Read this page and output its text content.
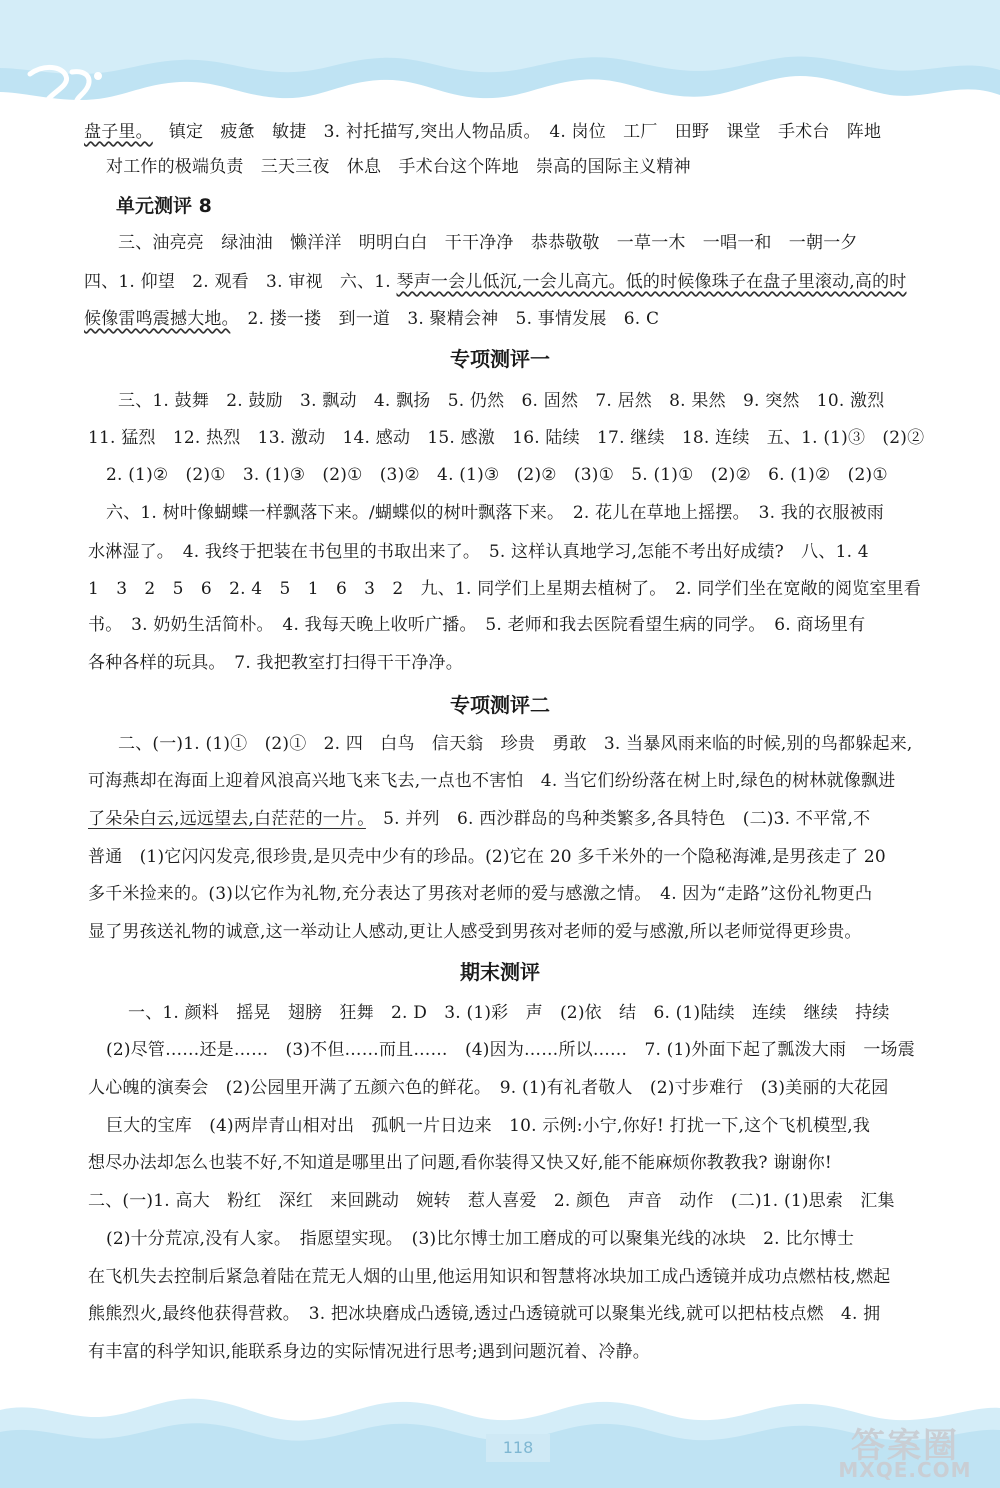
盘子里。 镇定　疲惫　敏捷　3. 衬托描写,突出人物品质。　4. 岗位　工厂　田野　课堂　手术台　阵地
对工作的极端负责　三天三夜　休息　手术台这个阵地　崇高的国际主义精神
单元测评 8
三、油亮亮　绿油油　懒洋洋　明明白白　干干净净　恭恭敬敬　一草一木　一唱一和　一朝一夕
四、1. 仰望　2. 观看　3. 审视　六、1. 琴声一会儿低沉,一会儿高亢。低的时候像珠子在盘子里滚动,高的时
候像雷鸣震撼大地。　2. 搂一搂　到一道　3. 聚精会神　5. 事情发展　6. C
专项测评一
三、1. 鼓舞　2. 鼓励　3. 飘动　4. 飘扬　5. 仍然　6. 固然　7. 居然　8. 果然　9. 突然　10. 激烈
11. 猛烈　12. 热烈　13. 激动　14. 感动　15. 感激　16. 陆续　17. 继续　18. 连续　五、1. (1)③　(2)②
2. (1)②　(2)①　3. (1)③　(2)①　(3)②　4. (1)③　(2)②　(3)①　5. (1)①　(2)②　6. (1)②　(2)①
六、1. 树叶像蝴蝶一样飘落下来。/蝴蝶似的树叶飘落下来。　2. 花儿在草地上摇摆。　3. 我的衣服被雨
水淋湿了。　4. 我终于把装在书包里的书取出来了。　5. 这样认真地学习,怎能不考出好成绩?　八、1. 4
1　3　2　5　6　2. 4　5　1　6　3　2　九、1. 同学们上星期去植树了。　2. 同学们坐在宽敞的阅览室里看
书。　3. 奶奶生活简朴。　4. 我每天晚上收听广播。　5. 老师和我去医院看望生病的同学。　6. 商场里有
各种各样的玩具。　7. 我把教室打扫得干干净净。
专项测评二
二、(一)1. (1)①　(2)①　2. 四　白鸟　信天翁　珍贵　勇敢　3. 当暴风雨来临的时候,别的鸟都躲起来,
可海燕却在海面上迎着风浪高兴地飞来飞去,一点也不害怕　4. 当它们纷纷落在树上时,绿色的树林就像飘进
了朵朵白云,远远望去,白茫茫的一片。　5. 并列　6. 西沙群岛的鸟种类繁多,各具特色　(二)3. 不平常,不
普通　(1)它闪闪发亮,很珍贵,是贝壳中少有的珍品。(2)它在 20 多千米外的一个隐秘海滩,是男孩走了 20
多千米捡来的。(3)以它作为礼物,充分表达了男孩对老师的爱与感激之情。　4. 因为“走路”这份礼物更凸
显了男孩送礼物的诚意,这一举动让人感动,更让人感受到男孩对老师的爱与感激,所以老师觉得更珍贵。
期末测评
一、1. 颜料　摇晃　翅膀　狂舞　2. D　3. (1)彩　声　(2)依　结　6. (1)陆续　连续　继续　持续
(2)尽管……还是……　(3)不但……而且……　(4)因为……所以……　7. (1)外面下起了瓢泼大雨　一场震
人心魄的演奏会　(2)公园里开满了五颜六色的鲜花。　9. (1)有礼者敬人　(2)寸步难行　(3)美丽的大花园
巨大的宝库　(4)两岸青山相对出　孤帆一片日边来　10. 示例:小宁,你好! 打扰一下,这个飞机模型,我
想尽办法却怎么也装不好,不知道是哪里出了问题,看你装得又快又好,能不能麻烦你教教我? 谢谢你!
二、(一)1. 高大　粉红　深红　来回跳动　婉转　惹人喜爱　2. 颜色　声音　动作　(二)1. (1)思索　汇集
(2)十分荒凉,没有人家。　指愿望实现。　(3)比尔博士加工磨成的可以聚集光线的冰块　2. 比尔博士
在飞机失去控制后紧急着陆在荒无人烟的山里,他运用知识和智慧将冰块加工成凸透镜并成功点燃枯枝,燃起
熊熊烈火,最终他获得营救。　3. 把冰块磨成凸透镜,透过凸透镜就可以聚集光线,就可以把枯枝点燃　4. 拥
有丰富的科学知识,能联系身边的实际情况进行思考;遇到问题沉着、冷静。
118	答案圈
MXQE.COM
